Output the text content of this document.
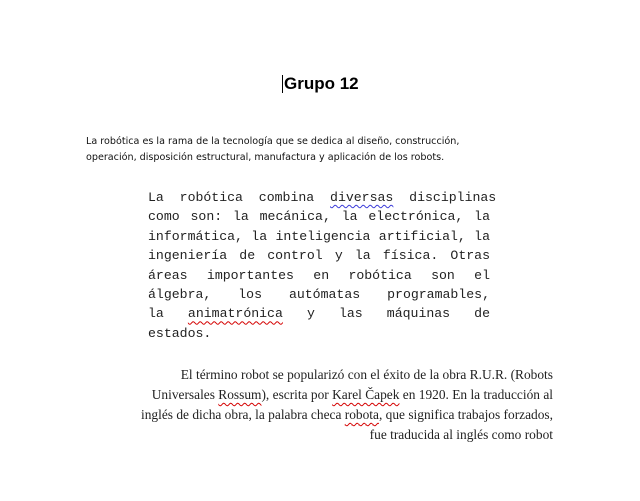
Grupo 12
La robótica es la rama de la tecnología que se dedica al diseño, construcción,
operación, disposición estructural, manufactura y aplicación de los robots.
La  robótica  combina  diversas  disciplinas
como son: la mecánica, la electrónica, la
informática, la inteligencia artificial, la
ingeniería de control y la física. Otras
áreas importantes en robótica son el
álgebra, los autómatas programables,
la animatrónica y las máquinas de
estados.
El término robot se popularizó con el éxito de la obra R.U.R. (Robots
Universales Rossum), escrita por Karel Čapek en 1920. En la traducción al
inglés de dicha obra, la palabra checa robota, que significa trabajos forzados,
fue traducida al inglés como robot
